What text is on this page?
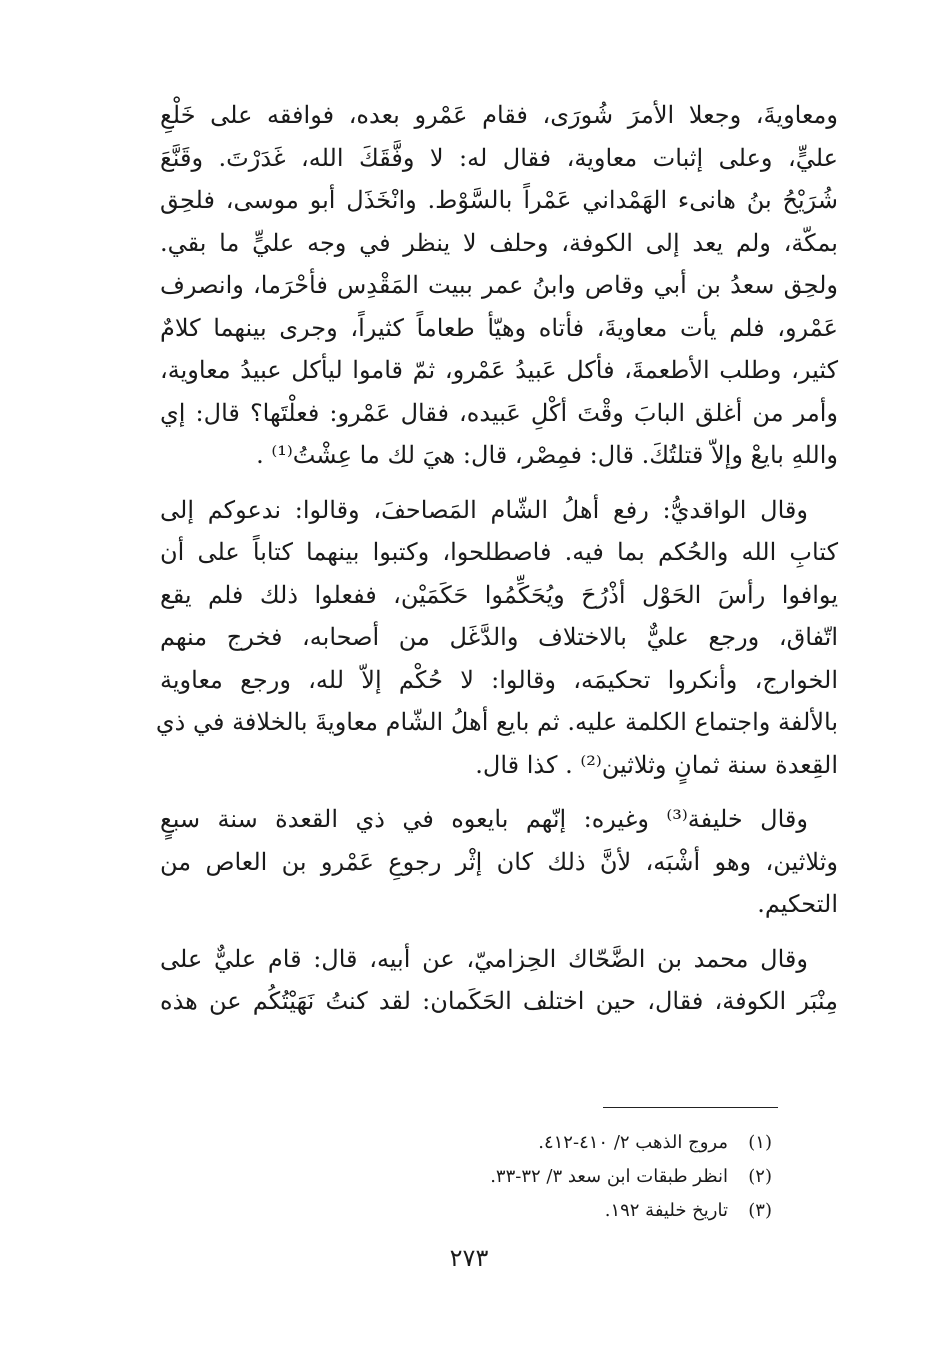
ومعاويةَ، وجعلا الأمرَ شُورَى، فقام عَمْرو بعده، فوافقه على خَلْعِ
عليٍّ، وعلى إثبات معاوية، فقال له: لا وفَّقَكَ الله، غَدَرْتَ. وقَنَّعَ
شُرَيْحُ بنُ هانىء الهَمْداني عَمْراً بالسَّوْط. وانْخَذَل أبو موسى، فلحِق
بمكّة، ولم يعد إلى الكوفة، وحلف لا ينظر في وجه عليٍّ ما بقي.
ولحِق سعدُ بن أبي وقاص وابنُ عمر ببيت المَقْدِس فأحْرَما، وانصرف
عَمْرو، فلم يأت معاويةَ، فأتاه وهيّأ طعاماً كثيراً، وجرى بينهما كلامٌ
كثير، وطلب الأطعمةَ، فأكل عَبيدُ عَمْرو، ثمّ قاموا ليأكل عبيدُ معاوية،
وأمر من أغلق البابَ وقْتَ أكْلِ عَبيده، فقال عَمْرو: فعلْتَها؟ قال: إي
واللهِ بايعْ وإلاّ قتلتُكَ. قال: فمِصْر، قال: هيَ لك ما عِشْتُ⁽¹⁾ .
وقال الواقديُّ: رفع أهلُ الشّام المَصاحفَ، وقالوا: ندعوكم إلى
كتابِ الله والحُكم بما فيه. فاصطلحوا، وكتبوا بينهما كتاباً على أن
يوافوا رأسَ الحَوْل أذْرُحَ ويُحَكِّمُوا حَكَمَيْن، ففعلوا ذلك فلم يقع
اتّفاق، ورجع عليٌّ بالاختلاف والدَّغَل من أصحابه، فخرج منهم
الخوارج، وأنكروا تحكيمَه، وقالوا: لا حُكْم إلاّ لله، ورجع معاوية
بالألفة واجتماع الكلمة عليه. ثم بايع أهلُ الشّام معاويةَ بالخلافة في ذي
القِعدة سنة ثمانٍ وثلاثين⁽²⁾ . كذا قال.
وقال خليفة⁽³⁾ وغيره: إنّهم بايعوه في ذي القعدة سنة سبعٍ
وثلاثين، وهو أشْبَه، لأنَّ ذلك كان إثْر رجوعِ عَمْرو بن العاص من
التحكيم.
وقال محمد بن الضَّحّاك الحِزاميّ، عن أبيه، قال: قام عليٌّ على
مِنْبَر الكوفة، فقال، حين اختلف الحَكَمان: لقد كنتُ نَهَيْتُكُم عن هذه
(١)مروج الذهب ٢/ ٤١٠-٤١٢.
(٢)انظر طبقات ابن سعد ٣/ ٣٢-٣٣.
(٣)تاريخ خليفة ١٩٢.
٢٧٣
